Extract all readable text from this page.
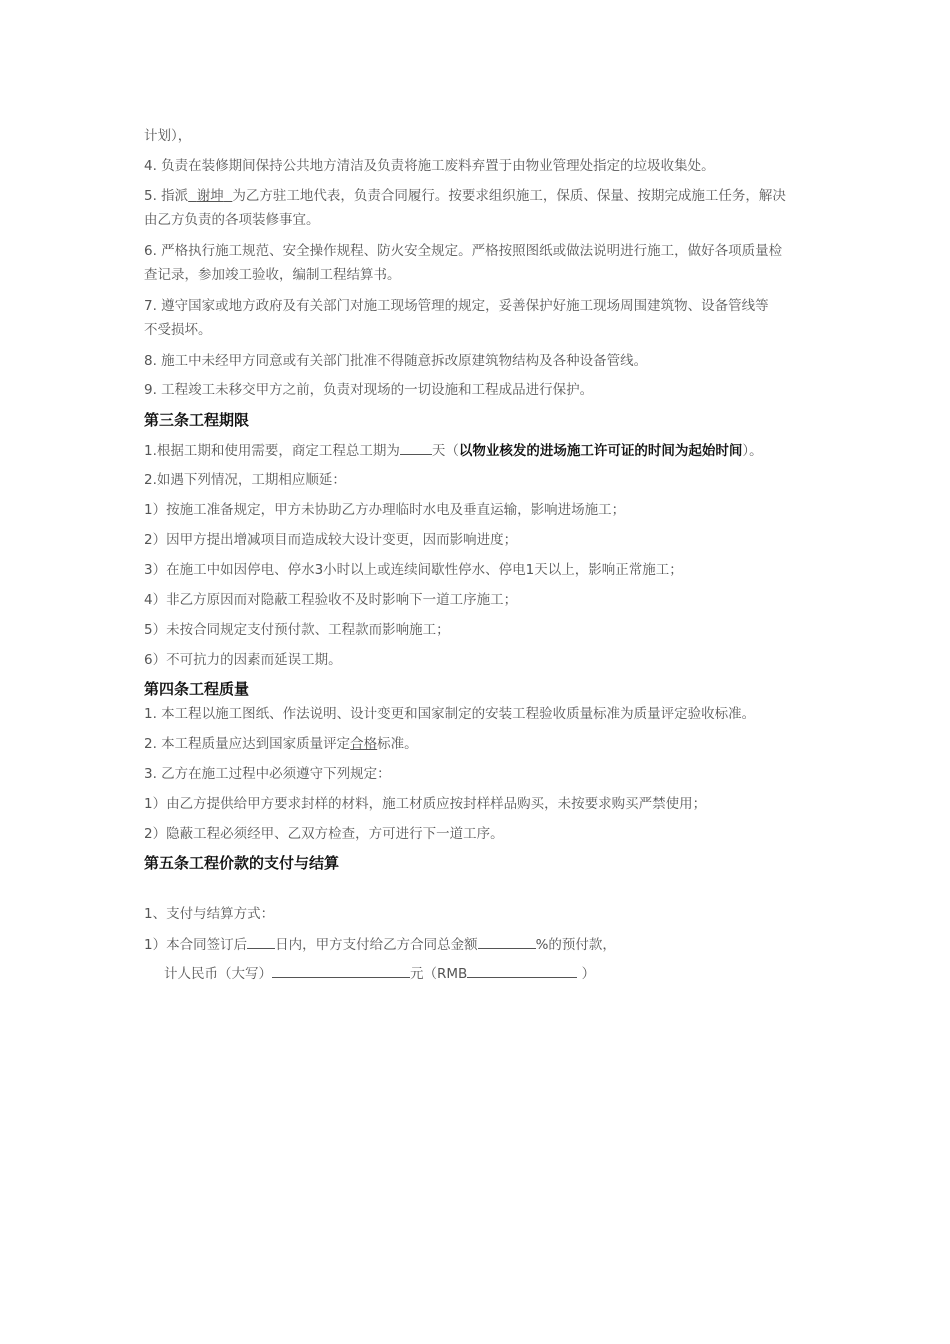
计划），
4. 负责在装修期间保持公共地方清洁及负责将施工废料弃置于由物业管理处指定的垃圾收集处。
5. 指派 谢坤 为乙方驻工地代表，负责合同履行。按要求组织施工，保质、保量、按期完成施工任务，解决
由乙方负责的各项装修事宜。
6. 严格执行施工规范、安全操作规程、防火安全规定。严格按照图纸或做法说明进行施工，做好各项质量检
查记录，参加竣工验收，编制工程结算书。
7. 遵守国家或地方政府及有关部门对施工现场管理的规定，妥善保护好施工现场周围建筑物、设备管线等
不受损坏。
8. 施工中未经甲方同意或有关部门批准不得随意拆改原建筑物结构及各种设备管线。
9. 工程竣工未移交甲方之前，负责对现场的一切设施和工程成品进行保护。
第三条工程期限
1.根据工期和使用需要，商定工程总工期为 天（以物业核发的进场施工许可证的时间为起始时间）。
2.如遇下列情况，工期相应顺延：
1）按施工准备规定，甲方未协助乙方办理临时水电及垂直运输，影响进场施工；
2）因甲方提出增减项目而造成较大设计变更，因而影响进度；
3）在施工中如因停电、停水3小时以上或连续间歇性停水、停电1天以上，影响正常施工；
4）非乙方原因而对隐蔽工程验收不及时影响下一道工序施工；
5）未按合同规定支付预付款、工程款而影响施工；
6）不可抗力的因素而延误工期。
第四条工程质量
1. 本工程以施工图纸、作法说明、设计变更和国家制定的安装工程验收质量标准为质量评定验收标准。
2. 本工程质量应达到国家质量评定合格标准。
3. 乙方在施工过程中必须遵守下列规定：
1）由乙方提供给甲方要求封样的材料，施工材质应按封样样品购买，未按要求购买严禁使用；
2）隐蔽工程必须经甲、乙双方检查，方可进行下一道工序。
第五条工程价款的支付与结算
1、支付与结算方式：
1）本合同签订后 日内，甲方支付给乙方合同总金额	%的预付款，
计人民币（大写）	元（RMB	）
